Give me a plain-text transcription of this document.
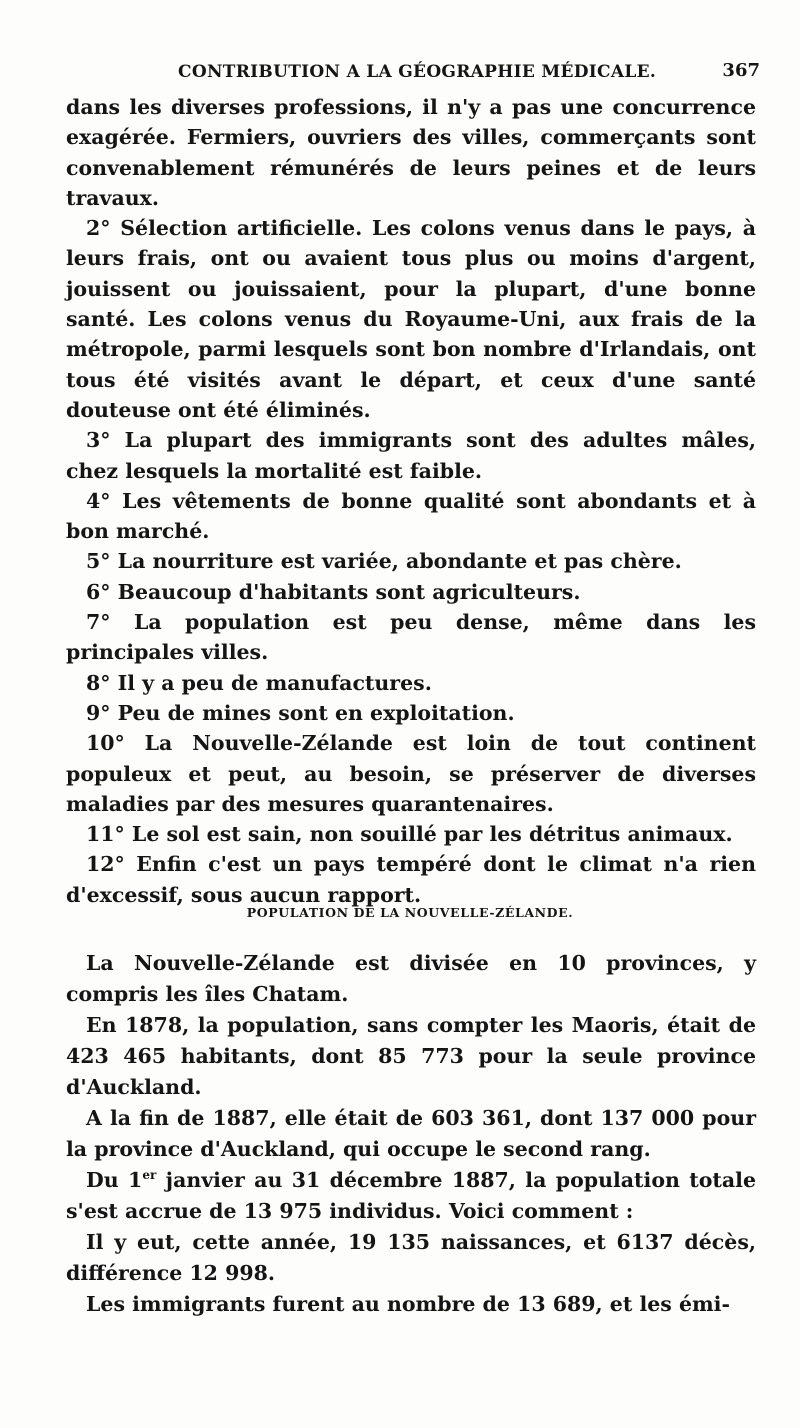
CONTRIBUTION A LA GÉOGRAPHIE MÉDICALE.	367

dans les diverses professions, il n'y a pas une concurrence exagérée. Fermiers, ouvriers des villes, commerçants sont convenablement rémunérés de leurs peines et de leurs travaux.

2° Sélection artificielle. Les colons venus dans le pays, à leurs frais, ont ou avaient tous plus ou moins d'argent, jouissent ou jouissaient, pour la plupart, d'une bonne santé. Les colons venus du Royaume-Uni, aux frais de la métropole, parmi lesquels sont bon nombre d'Irlandais, ont tous été visités avant le départ, et ceux d'une santé douteuse ont été éliminés.

3° La plupart des immigrants sont des adultes mâles, chez lesquels la mortalité est faible.

4° Les vêtements de bonne qualité sont abondants et à bon marché.

5° La nourriture est variée, abondante et pas chère.

6° Beaucoup d'habitants sont agriculteurs.

7° La population est peu dense, même dans les principales villes.

8° Il y a peu de manufactures.

9° Peu de mines sont en exploitation.

10° La Nouvelle-Zélande est loin de tout continent populeux et peut, au besoin, se préserver de diverses maladies par des mesures quarantenaires.

11° Le sol est sain, non souillé par les détritus animaux.

12° Enfin c'est un pays tempéré dont le climat n'a rien d'excessif, sous aucun rapport.

POPULATION DE LA NOUVELLE-ZÉLANDE.

La Nouvelle-Zélande est divisée en 10 provinces, y compris les îles Chatam.

En 1878, la population, sans compter les Maoris, était de 423 465 habitants, dont 85 773 pour la seule province d'Auckland.

A la fin de 1887, elle était de 603 361, dont 137 000 pour la province d'Auckland, qui occupe le second rang.

Du 1er janvier au 31 décembre 1887, la population totale s'est accrue de 13 975 individus. Voici comment :

Il y eut, cette année, 19 135 naissances, et 6137 décès, différence 12 998.

Les immigrants furent au nombre de 13 689, et les émi-
